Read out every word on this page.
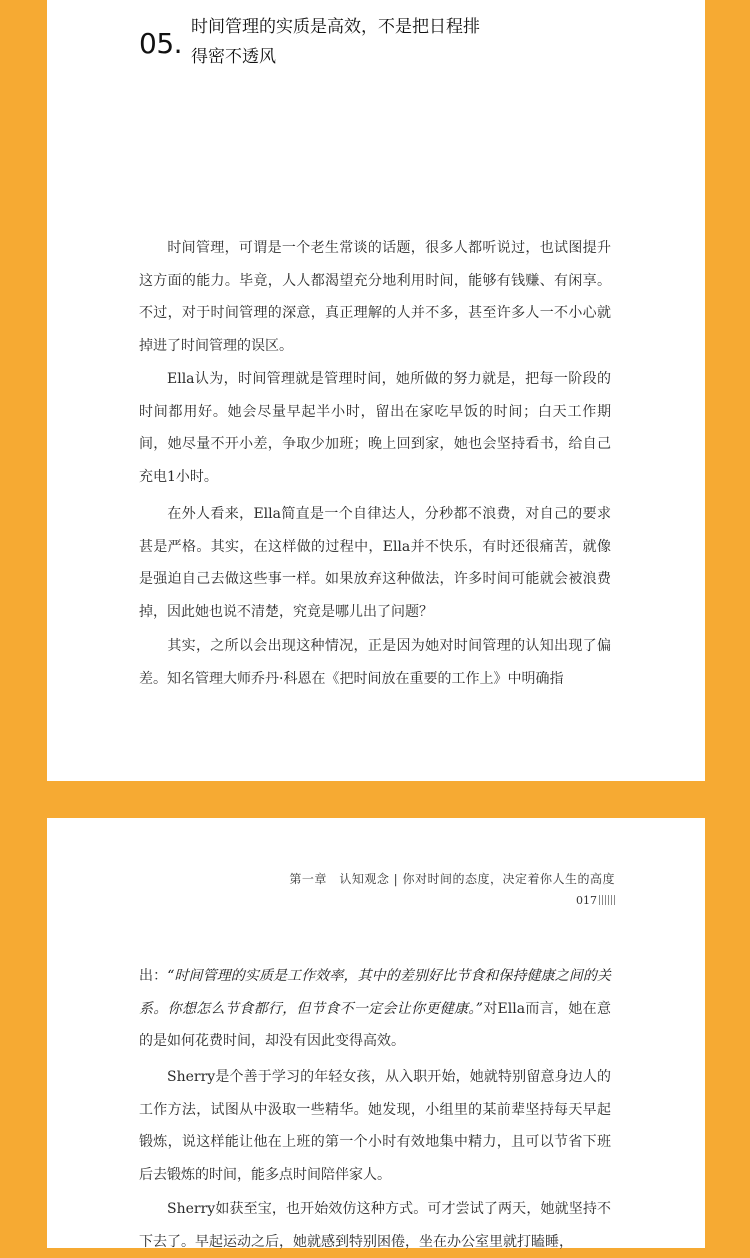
05. 时间管理的实质是高效，不是把日程排得密不透风

时间管理，可谓是一个老生常谈的话题，很多人都听说过，也试图提升这方面的能力。毕竟，人人都渴望充分地利用时间，能够有钱赚、有闲享。不过，对于时间管理的深意，真正理解的人并不多，甚至许多人一不小心就掉进了时间管理的误区。

Ella认为，时间管理就是管理时间，她所做的努力就是，把每一阶段的时间都用好。她会尽量早起半小时，留出在家吃早饭的时间；白天工作期间，她尽量不开小差，争取少加班；晚上回到家，她也会坚持看书，给自己充电1小时。

在外人看来，Ella简直是一个自律达人，分秒都不浪费，对自己的要求甚是严格。其实，在这样做的过程中，Ella并不快乐，有时还很痛苦，就像是强迫自己去做这些事一样。如果放弃这种做法，许多时间可能就会被浪费掉，因此她也说不清楚，究竟是哪儿出了问题？

其实，之所以会出现这种情况，正是因为她对时间管理的认知出现了偏差。知名管理大师乔丹·科恩在《把时间放在重要的工作上》中明确指

第一章　认知观念 | 你对时间的态度，决定着你人生的高度
017

出：“时间管理的实质是工作效率，其中的差别好比节食和保持健康之间的关系。你想怎么节食都行，但节食不一定会让你更健康。”对Ella而言，她在意的是如何花费时间，却没有因此变得高效。

Sherry是个善于学习的年轻女孩，从入职开始，她就特别留意身边人的工作方法，试图从中汲取一些精华。她发现，小组里的某前辈坚持每天早起锻炼，说这样能让他在上班的第一个小时有效地集中精力，且可以节省下班后去锻炼的时间，能多点时间陪伴家人。

Sherry如获至宝，也开始效仿这种方式。可才尝试了两天，她就坚持不下去了。早起运动之后，她就感到特别困倦，坐在办公室里就打瞌睡，
